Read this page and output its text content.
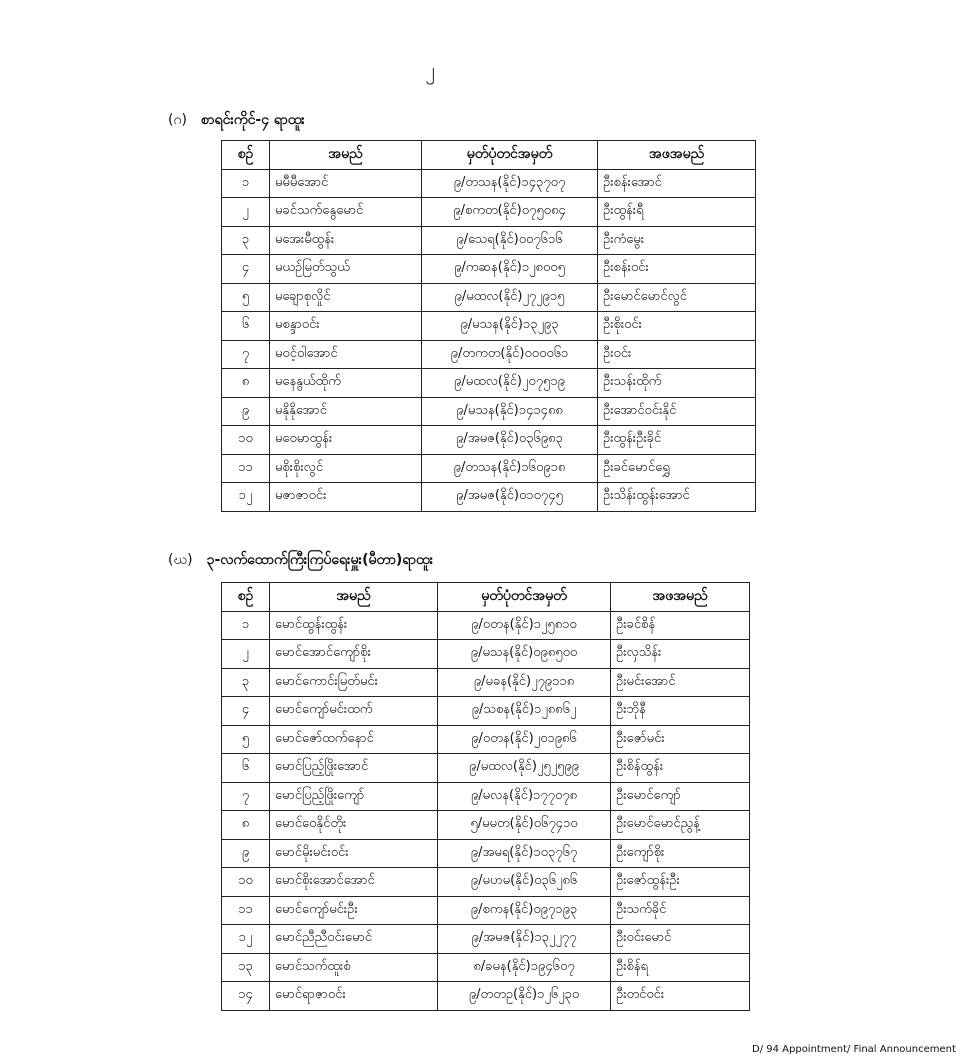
၂
(ဂ) စာရင်းကိုင်-၄ ရာထူး
စဉ်	အမည်	မှတ်ပုံတင်အမှတ်	အဖအမည်
၁	မမီမီအောင်	၉/တသန(နိုင်)၁၄၃၇၀၇	ဦးစန်းအောင်
၂	မခင်သက်နွေမောင်	၉/စကတ(နိုင်)၀၇၅၀၈၄	ဦးထွန်းရီ
၃	မအေးမီထွန်း	၉/သေရ(နိုင်)၀၀၇၆၁၆	ဦးကံမွေး
၄	မယဉ်မြတ်သွယ်	၉/ကဆန(နိုင်)၁၂၈၀၀၅	ဦးစန်းဝင်း
၅	မချောစုလှိုင်	၉/မထလ(နိုင်)၂၇၂၉၁၅	ဦးမောင်မောင်လွင်
၆	မစန္ဒာဝင်း	၉/မသန(နိုင်)၁၃၂၉၃	ဦးစိုးဝင်း
၇	မဝင့်ဝါအောင်	၉/တကတ(နိုင်)၀၀၀၀၆၁	ဦးဝင်း
၈	မနေနွယ်ထိုက်	၉/မထလ(နိုင်)၂၀၇၅၁၉	ဦးသန်းထိုက်
၉	မနိုနိုအောင်	၉/မသန(နိုင်)၁၄၁၄၈၈	ဦးအောင်ဝင်းနိုင်
၁၀	မဝေမာထွန်း	၉/အမဇ(နိုင်)၀၃၆၉၈၃	ဦးထွန်းဦးခိုင်
၁၁	မစိုးစိုးလွင်	၉/တသန(နိုင်)၁၆၀၉၁၈	ဦးခင်မောင်ရွှေ
၁၂	မဇာဇာဝင်း	၉/အမဇ(နိုင်)၀၁၀၇၄၅	ဦးသိန်းထွန်းအောင်
(ဃ) ၃-လက်ထောက်ကြီးကြပ်ရေးမှူး(မီတာ)ရာထူး
စဉ်	အမည်	မှတ်ပုံတင်အမှတ်	အဖအမည်
၁	မောင်ထွန်းထွန်း	၉/ဝတန(နိုင်)၁၂၅၈၁၀	ဦးခင်စိန်
၂	မောင်အောင်ကျော်စိုး	၉/မသန(နိုင်)၀၉၈၅၀၀	ဦးလှသိန်း
၃	မောင်ကောင်းမြတ်မင်း	၉/မခန(နိုင်)၂၇၉၁၁၈	ဦးမင်းအောင်
၄	မောင်ကျော်မင်းထက်	၉/သစန(နိုင်)၁၂၈၈၆၂	ဦးဘိုနီ
၅	မောင်ဇော်ထက်နောင်	၉/ဝတန(နိုင်)၂၀၁၉၈၆	ဦးဇော်မင်း
၆	မောင်ပြည့်ဖြိုးအောင်	၉/မထလ(နိုင်)၂၅၂၅၉၉	ဦးစိန်ထွန်း
၇	မောင်ပြည့်ဖြိုးကျော်	၉/မလန(နိုင်)၁၇၇၀၇၈	ဦးမောင်ကျော်
၈	မောင်ဝေနိုင်တိုး	၅/မမတ(နိုင်)၀၆၇၄၁၀	ဦးမောင်မောင်ညွန့်
၉	မောင်မိုးမင်းဝင်း	၉/အမရ(နိုင်)၁၀၃၇၆၇	ဦးကျော်စိုး
၁၀	မောင်စိုးအောင်အောင်	၉/မဟမ(နိုင်)၀၃၆၂၈၆	ဦးဇော်ထွန်းဦး
၁၁	မောင်ကျော်မင်းဦး	၉/စကန(နိုင်)၀၉၇၁၉၃	ဦးသက်ခိုင်
၁၂	မောင်ညီညီဝင်းမောင်	၉/အမဇ(နိုင်)၁၃၂၂၇၇	ဦးဝင်းမောင်
၁၃	မောင်သက်ထူးစံ	၈/ခမန(နိုင်)၁၉၄၆၀၇	ဦးစိန်ရ
၁၄	မောင်ရာဇာဝင်း	၉/တတဥ(နိုင်)၁၂၆၂၃၀	ဦးတင်ဝင်း
D/ 94 Appointment/ Final Announcement
